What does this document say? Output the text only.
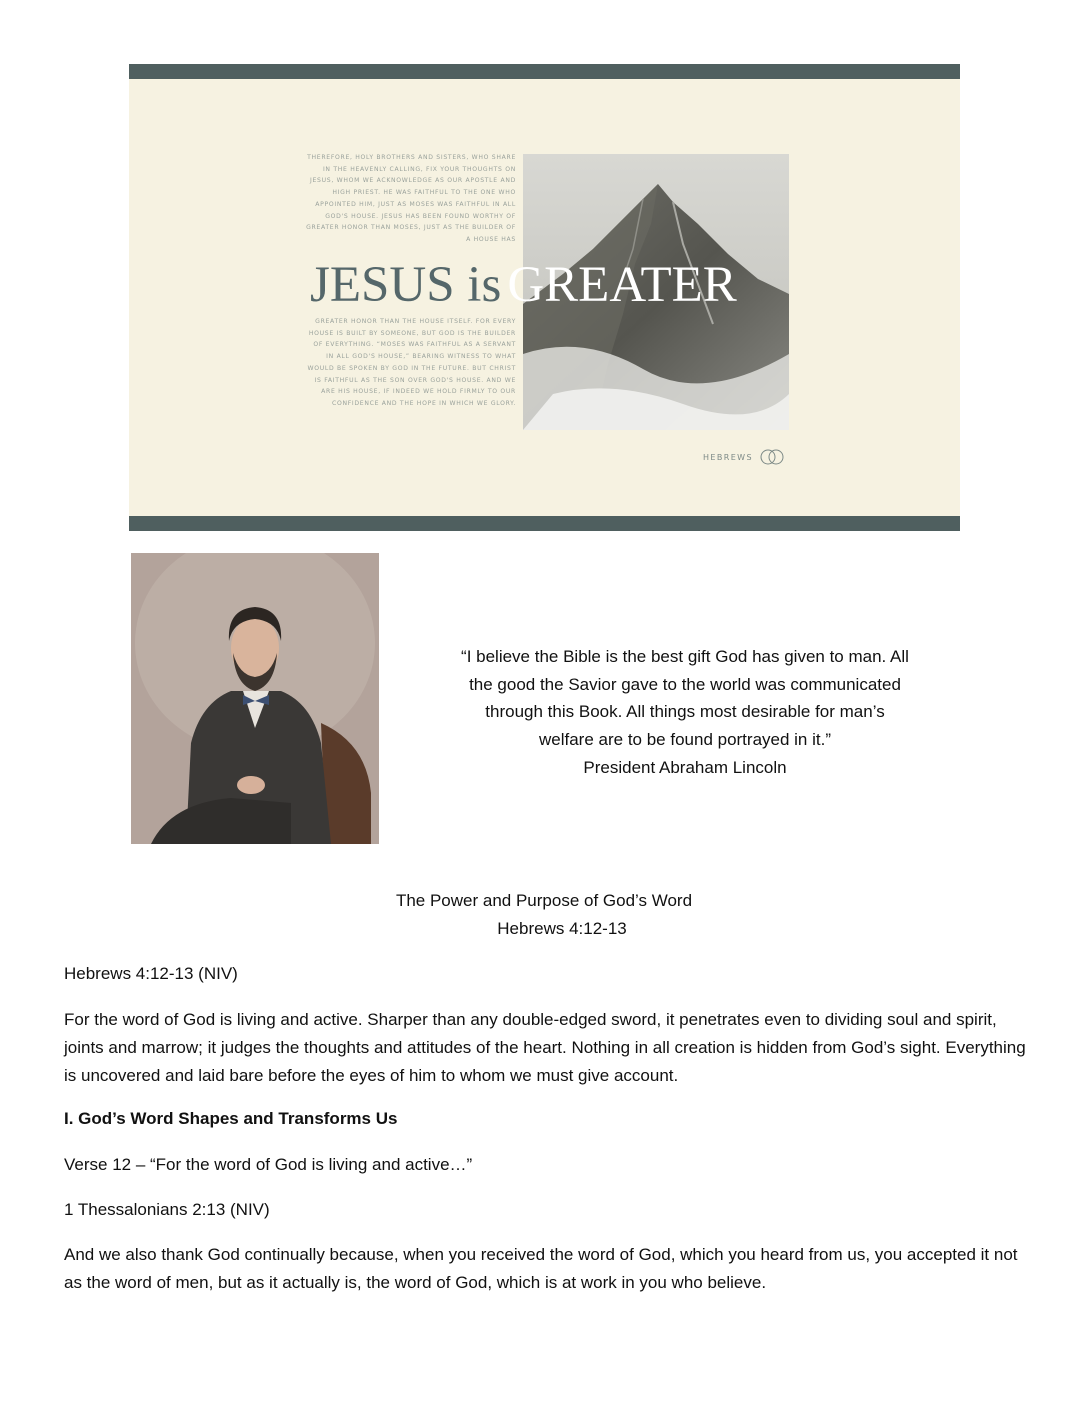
THEREFORE, HOLY BROTHERS AND SISTERS, WHO SHARE IN THE HEAVENLY CALLING, FIX YOUR THOUGHTS ON JESUS, WHOM WE ACKNOWLEDGE AS OUR APOSTLE AND HIGH PRIEST. HE WAS FAITHFUL TO THE ONE WHO APPOINTED HIM, JUST AS MOSES WAS FAITHFUL IN ALL GOD'S HOUSE. JESUS HAS BEEN FOUND WORTHY OF GREATER HONOR THAN MOSES, JUST AS THE BUILDER OF A HOUSE HAS
JESUS is GREATER
GREATER HONOR THAN THE HOUSE ITSELF. FOR EVERY HOUSE IS BUILT BY SOMEONE, BUT GOD IS THE BUILDER OF EVERYTHING. “MOSES WAS FAITHFUL AS A SERVANT IN ALL GOD'S HOUSE,” BEARING WITNESS TO WHAT WOULD BE SPOKEN BY GOD IN THE FUTURE. BUT CHRIST IS FAITHFUL AS THE SON OVER GOD'S HOUSE. AND WE ARE HIS HOUSE, IF INDEED WE HOLD FIRMLY TO OUR CONFIDENCE AND THE HOPE IN WHICH WE GLORY.
HEBREWS

“I believe the Bible is the best gift God has given to man. All

the good the Savior gave to the world was communicated

through this Book. All things most desirable for man’s

welfare are to be found portrayed in it.”

President Abraham Lincoln

The Power and Purpose of God’s Word
Hebrews 4:12-13

Hebrews 4:12-13 (NIV)

For the word of God is living and active. Sharper than any double-edged sword, it penetrates even to dividing soul and spirit, joints and marrow; it judges the thoughts and attitudes of the heart. Nothing in all creation is hidden from God’s sight. Everything is uncovered and laid bare before the eyes of him to whom we must give account.

I. God’s Word Shapes and Transforms Us

Verse 12 – “For the word of God is living and active…”

1 Thessalonians 2:13 (NIV)

And we also thank God continually because, when you received the word of God, which you heard from us, you accepted it not as the word of men, but as it actually is, the word of God, which is at work in you who believe.
